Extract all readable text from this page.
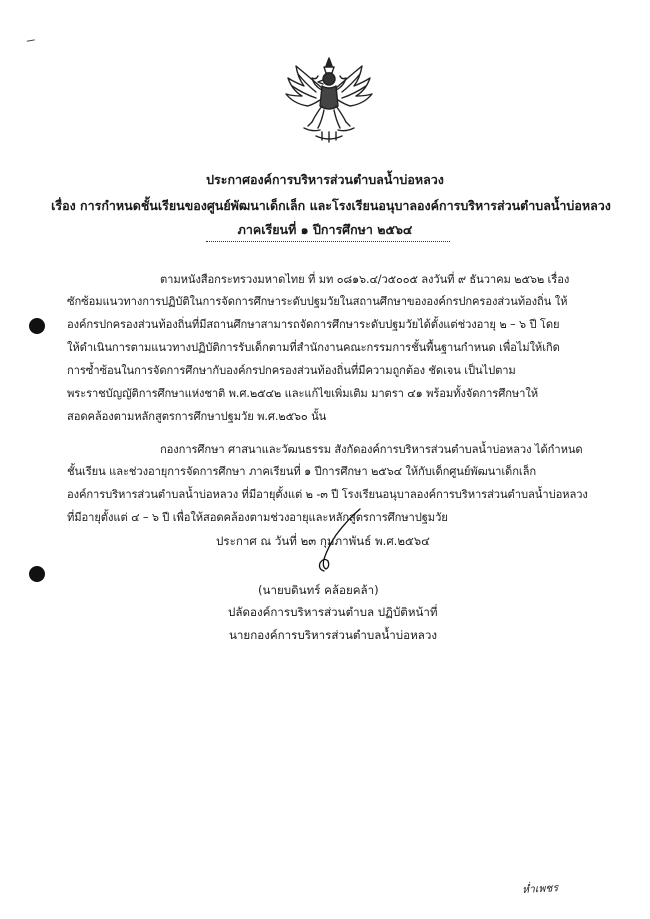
ประกาศองค์การบริหารส่วนตำบลน้ำบ่อหลวง
เรื่อง การกำหนดชั้นเรียนของศูนย์พัฒนาเด็กเล็ก และโรงเรียนอนุบาลองค์การบริหารส่วนตำบลน้ำบ่อหลวง
ภาคเรียนที่ ๑ ปีการศึกษา ๒๕๖๔
ตามหนังสือกระทรวงมหาดไทย ที่ มท ๐๘๑๖.๔/ว๕๐๐๕ ลงวันที่ ๙ ธันวาคม ๒๕๖๒ เรื่อง
ซักซ้อมแนวทางการปฏิบัติในการจัดการศึกษาระดับปฐมวัยในสถานศึกษาขององค์กรปกครองส่วนท้องถิ่น ให้
องค์กรปกครองส่วนท้องถิ่นที่มีสถานศึกษาสามารถจัดการศึกษาระดับปฐมวัยได้ตั้งแต่ช่วงอายุ ๒ – ๖ ปี โดย
ให้ดำเนินการตามแนวทางปฏิบัติการรับเด็กตามที่สำนักงานคณะกรรมการชั้นพื้นฐานกำหนด เพื่อไม่ให้เกิด
การซ้ำซ้อนในการจัดการศึกษากับองค์กรปกครองส่วนท้องถิ่นที่มีความถูกต้อง ชัดเจน เป็นไปตาม
พระราชบัญญัติการศึกษาแห่งชาติ พ.ศ.๒๕๔๒ และแก้ไขเพิ่มเติม มาตรา ๔๑ พร้อมทั้งจัดการศึกษาให้
สอดคล้องตามหลักสูตรการศึกษาปฐมวัย พ.ศ.๒๕๖๐ นั้น
กองการศึกษา ศาสนาและวัฒนธรรม สังกัดองค์การบริหารส่วนตำบลน้ำบ่อหลวง ได้กำหนด
ชั้นเรียน และช่วงอายุการจัดการศึกษา ภาคเรียนที่ ๑ ปีการศึกษา ๒๕๖๔ ให้กับเด็กศูนย์พัฒนาเด็กเล็ก
องค์การบริหารส่วนตำบลน้ำบ่อหลวง ที่มีอายุตั้งแต่ ๒ -๓ ปี โรงเรียนอนุบาลองค์การบริหารส่วนตำบลน้ำบ่อหลวง
ที่มีอายุตั้งแต่ ๔ – ๖ ปี เพื่อให้สอดคล้องตามช่วงอายุและหลักสูตรการศึกษาปฐมวัย
ประกาศ ณ วันที่ ๒๓ กุมภาพันธ์ พ.ศ.๒๕๖๔
(นายบดินทร์ คล้อยคล้า)
ปลัดองค์การบริหารส่วนตำบล ปฏิบัติหน้าที่
นายกองค์การบริหารส่วนตำบลน้ำบ่อหลวง
ห่ำเพชร
